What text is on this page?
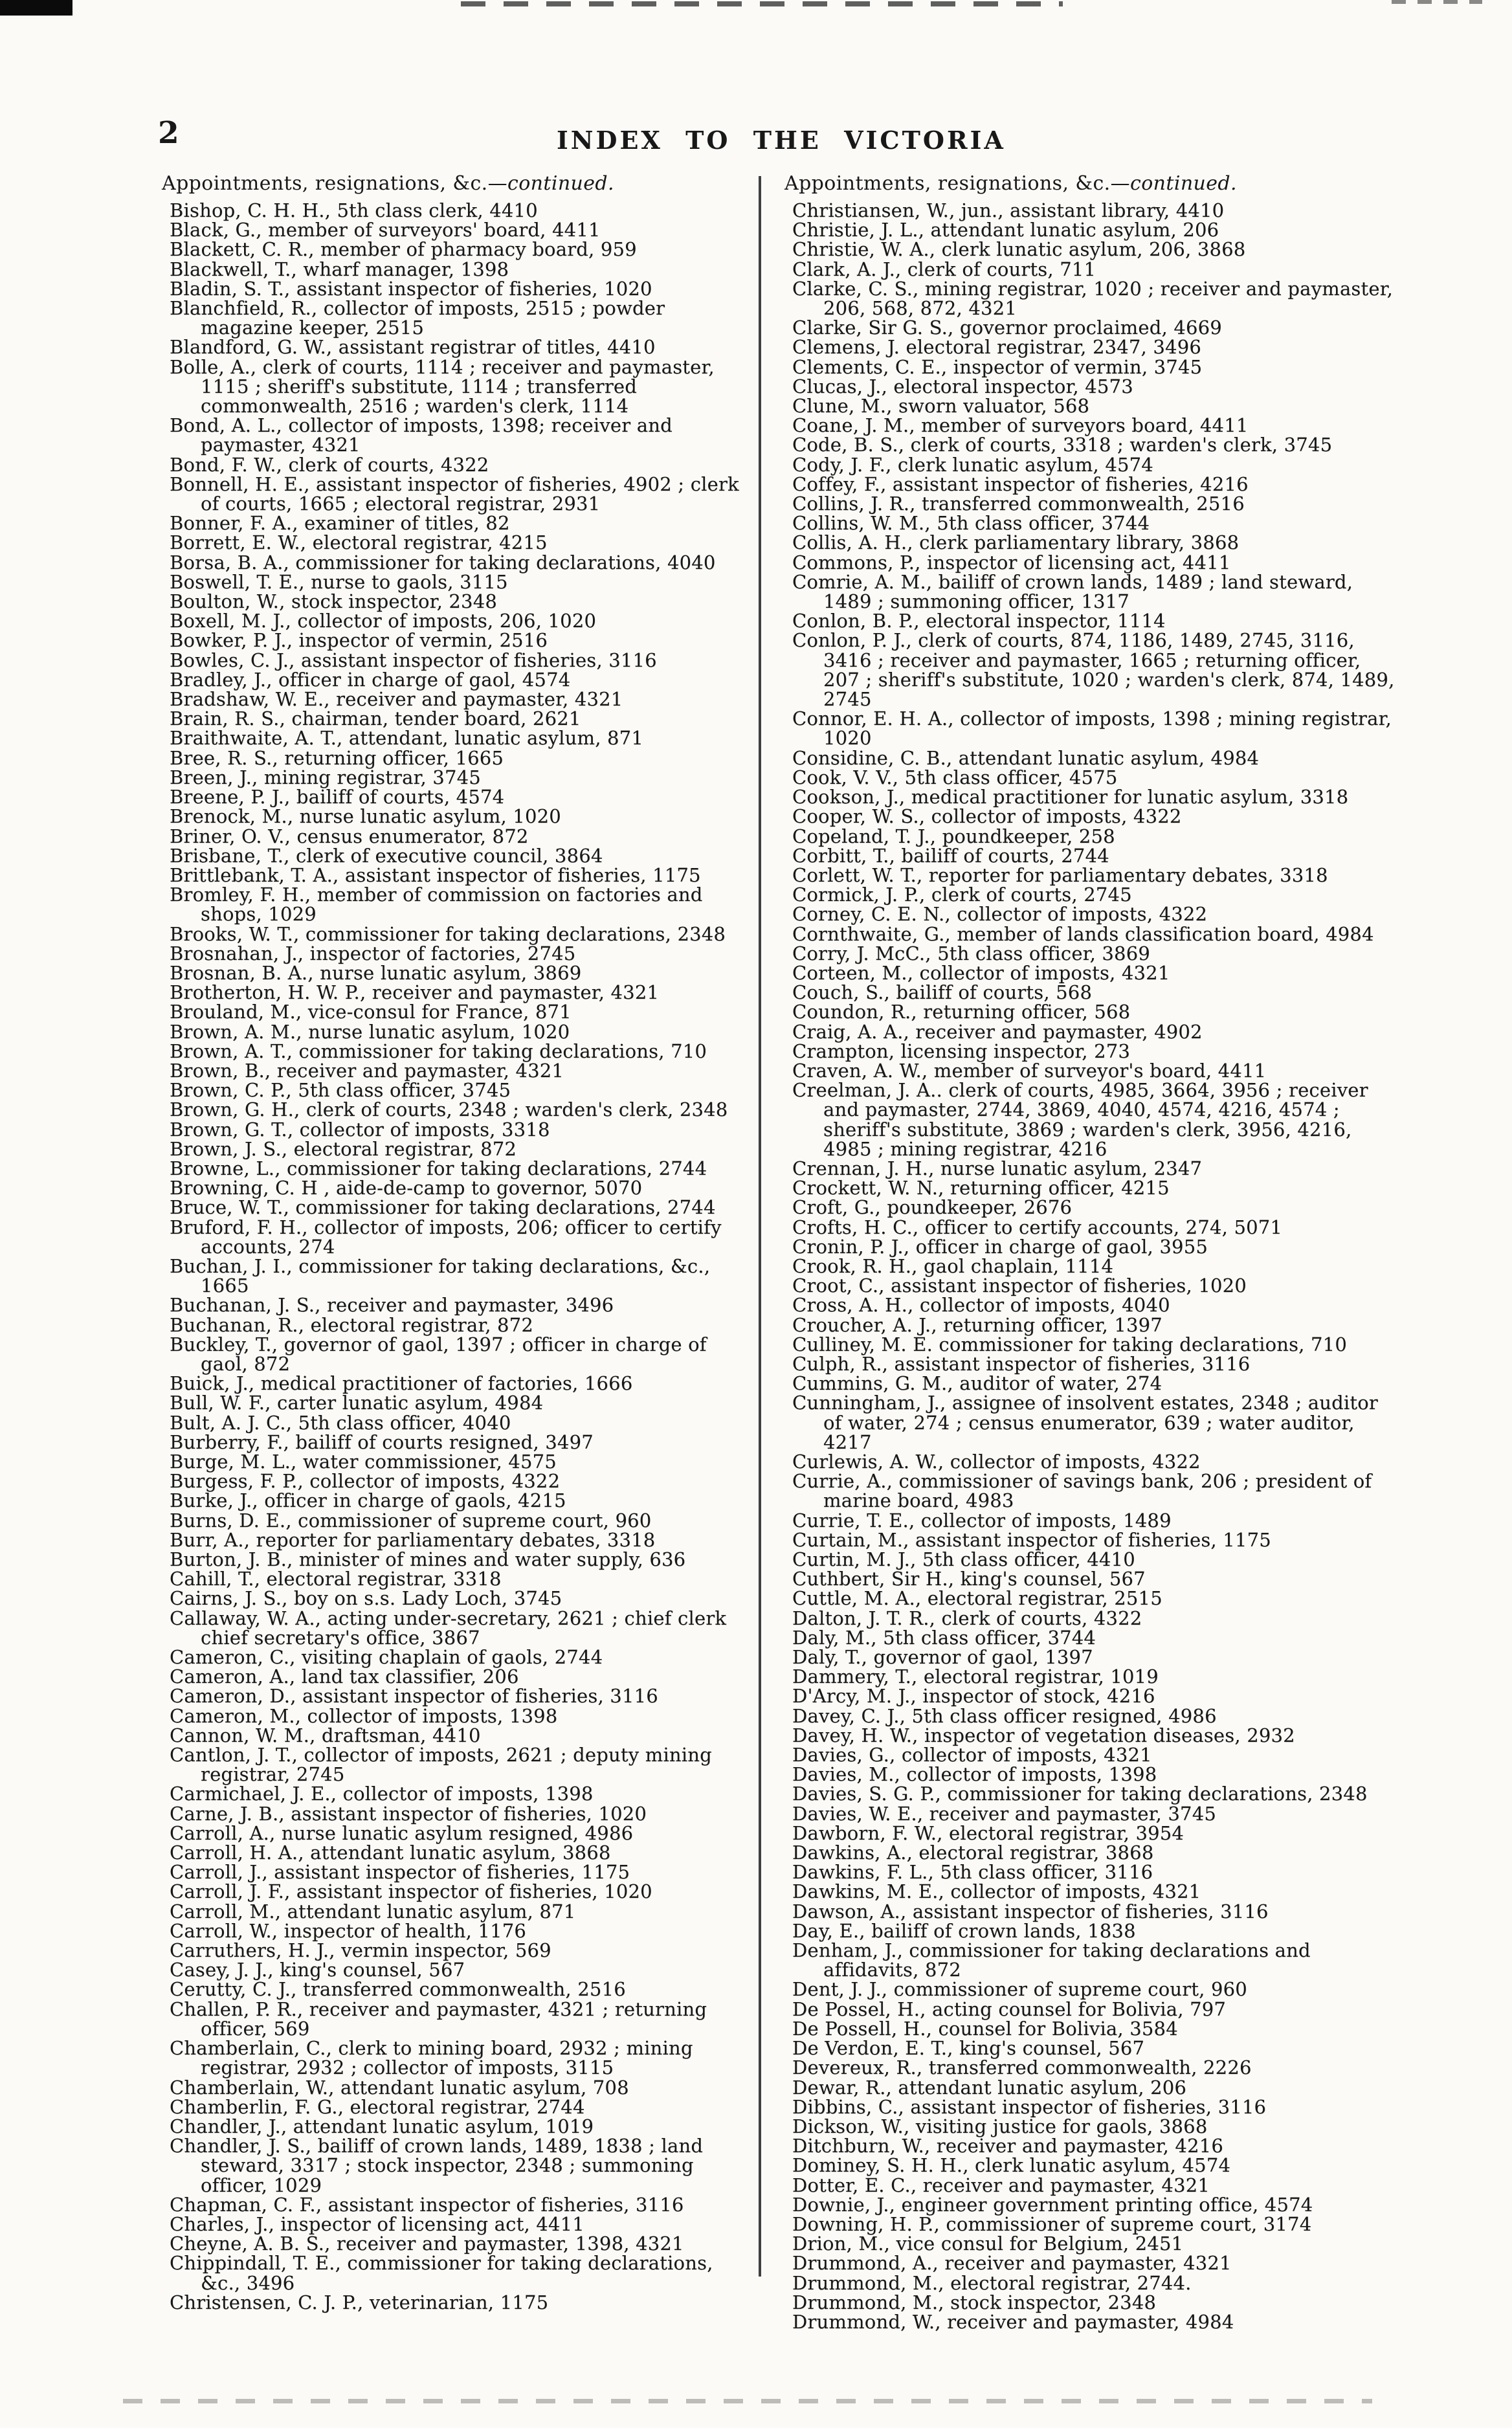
2	INDEX TO THE VICTORIA

Appointments, resignations, &c.—continued.

Bishop, C. H. H., 5th class clerk, 4410

Black, G., member of surveyors' board, 4411

Blackett, C. R., member of pharmacy board, 959

Blackwell, T., wharf manager, 1398

Bladin, S. T., assistant inspector of fisheries, 1020

Blanchfield, R., collector of imposts, 2515 ; powder magazine keeper, 2515

Blandford, G. W., assistant registrar of titles, 4410

Bolle, A., clerk of courts, 1114 ; receiver and paymaster, 1115 ; sheriff's substitute, 1114 ; transferred commonwealth, 2516 ; warden's clerk, 1114

Bond, A. L., collector of imposts, 1398; receiver and paymaster, 4321

Bond, F. W., clerk of courts, 4322

Bonnell, H. E., assistant inspector of fisheries, 4902 ; clerk of courts, 1665 ; electoral registrar, 2931

Bonner, F. A., examiner of titles, 82

Borrett, E. W., electoral registrar, 4215

Borsa, B. A., commissioner for taking declarations, 4040

Boswell, T. E., nurse to gaols, 3115

Boulton, W., stock inspector, 2348

Boxell, M. J., collector of imposts, 206, 1020

Bowker, P. J., inspector of vermin, 2516

Bowles, C. J., assistant inspector of fisheries, 3116

Bradley, J., officer in charge of gaol, 4574

Bradshaw, W. E., receiver and paymaster, 4321

Brain, R. S., chairman, tender board, 2621

Braithwaite, A. T., attendant, lunatic asylum, 871

Bree, R. S., returning officer, 1665

Breen, J., mining registrar, 3745

Breene, P. J., bailiff of courts, 4574

Brenock, M., nurse lunatic asylum, 1020

Briner, O. V., census enumerator, 872

Brisbane, T., clerk of executive council, 3864

Brittlebank, T. A., assistant inspector of fisheries, 1175

Bromley, F. H., member of commission on factories and shops, 1029

Brooks, W. T., commissioner for taking declarations, 2348

Brosnahan, J., inspector of factories, 2745

Brosnan, B. A., nurse lunatic asylum, 3869

Brotherton, H. W. P., receiver and paymaster, 4321

Brouland, M., vice-consul for France, 871

Brown, A. M., nurse lunatic asylum, 1020

Brown, A. T., commissioner for taking declarations, 710

Brown, B., receiver and paymaster, 4321

Brown, C. P., 5th class officer, 3745

Brown, G. H., clerk of courts, 2348 ; warden's clerk, 2348

Brown, G. T., collector of imposts, 3318

Brown, J. S., electoral registrar, 872

Browne, L., commissioner for taking declarations, 2744

Browning, C. H , aide-de-camp to governor, 5070

Bruce, W. T., commissioner for taking declarations, 2744

Bruford, F. H., collector of imposts, 206; officer to certify accounts, 274

Buchan, J. I., commissioner for taking declarations, &c., 1665

Buchanan, J. S., receiver and paymaster, 3496

Buchanan, R., electoral registrar, 872

Buckley, T., governor of gaol, 1397 ; officer in charge of gaol, 872

Buick, J., medical practitioner of factories, 1666

Bull, W. F., carter lunatic asylum, 4984

Bult, A. J. C., 5th class officer, 4040

Burberry, F., bailiff of courts resigned, 3497

Burge, M. L., water commissioner, 4575

Burgess, F. P., collector of imposts, 4322

Burke, J., officer in charge of gaols, 4215

Burns, D. E., commissioner of supreme court, 960

Burr, A., reporter for parliamentary debates, 3318

Burton, J. B., minister of mines and water supply, 636

Cahill, T., electoral registrar, 3318

Cairns, J. S., boy on s.s. Lady Loch, 3745

Callaway, W. A., acting under-secretary, 2621 ; chief clerk chief secretary's office, 3867

Cameron, C., visiting chaplain of gaols, 2744

Cameron, A., land tax classifier, 206

Cameron, D., assistant inspector of fisheries, 3116

Cameron, M., collector of imposts, 1398

Cannon, W. M., draftsman, 4410

Cantlon, J. T., collector of imposts, 2621 ; deputy mining registrar, 2745

Carmichael, J. E., collector of imposts, 1398

Carne, J. B., assistant inspector of fisheries, 1020

Carroll, A., nurse lunatic asylum resigned, 4986

Carroll, H. A., attendant lunatic asylum, 3868

Carroll, J., assistant inspector of fisheries, 1175

Carroll, J. F., assistant inspector of fisheries, 1020

Carroll, M., attendant lunatic asylum, 871

Carroll, W., inspector of health, 1176

Carruthers, H. J., vermin inspector, 569

Casey, J. J., king's counsel, 567

Cerutty, C. J., transferred commonwealth, 2516

Challen, P. R., receiver and paymaster, 4321 ; returning officer, 569

Chamberlain, C., clerk to mining board, 2932 ; mining registrar, 2932 ; collector of imposts, 3115

Chamberlain, W., attendant lunatic asylum, 708

Chamberlin, F. G., electoral registrar, 2744

Chandler, J., attendant lunatic asylum, 1019

Chandler, J. S., bailiff of crown lands, 1489, 1838 ; land steward, 3317 ; stock inspector, 2348 ; summoning officer, 1029

Chapman, C. F., assistant inspector of fisheries, 3116

Charles, J., inspector of licensing act, 4411

Cheyne, A. B. S., receiver and paymaster, 1398, 4321

Chippindall, T. E., commissioner for taking declarations, &c., 3496

Christensen, C. J. P., veterinarian, 1175

Appointments, resignations, &c.—continued.

Christiansen, W., jun., assistant library, 4410

Christie, J. L., attendant lunatic asylum, 206

Christie, W. A., clerk lunatic asylum, 206, 3868

Clark, A. J., clerk of courts, 711

Clarke, C. S., mining registrar, 1020 ; receiver and paymaster, 206, 568, 872, 4321

Clarke, Sir G. S., governor proclaimed, 4669

Clemens, J. electoral registrar, 2347, 3496

Clements, C. E., inspector of vermin, 3745

Clucas, J., electoral inspector, 4573

Clune, M., sworn valuator, 568

Coane, J. M., member of surveyors board, 4411

Code, B. S., clerk of courts, 3318 ; warden's clerk, 3745

Cody, J. F., clerk lunatic asylum, 4574

Coffey, F., assistant inspector of fisheries, 4216

Collins, J. R., transferred commonwealth, 2516

Collins, W. M., 5th class officer, 3744

Collis, A. H., clerk parliamentary library, 3868

Commons, P., inspector of licensing act, 4411

Comrie, A. M., bailiff of crown lands, 1489 ; land steward, 1489 ; summoning officer, 1317

Conlon, B. P., electoral inspector, 1114

Conlon, P. J., clerk of courts, 874, 1186, 1489, 2745, 3116, 3416 ; receiver and paymaster, 1665 ; returning officer, 207 ; sheriff's substitute, 1020 ; warden's clerk, 874, 1489, 2745

Connor, E. H. A., collector of imposts, 1398 ; mining registrar, 1020

Considine, C. B., attendant lunatic asylum, 4984

Cook, V. V., 5th class officer, 4575

Cookson, J., medical practitioner for lunatic asylum, 3318

Cooper, W. S., collector of imposts, 4322

Copeland, T. J., poundkeeper, 258

Corbitt, T., bailiff of courts, 2744

Corlett, W. T., reporter for parliamentary debates, 3318

Cormick, J. P., clerk of courts, 2745

Corney, C. E. N., collector of imposts, 4322

Cornthwaite, G., member of lands classification board, 4984

Corry, J. McC., 5th class officer, 3869

Corteen, M., collector of imposts, 4321

Couch, S., bailiff of courts, 568

Coundon, R., returning officer, 568

Craig, A. A., receiver and paymaster, 4902

Crampton, licensing inspector, 273

Craven, A. W., member of surveyor's board, 4411

Creelman, J. A.. clerk of courts, 4985, 3664, 3956 ; receiver and paymaster, 2744, 3869, 4040, 4574, 4216, 4574 ; sheriff's substitute, 3869 ; warden's clerk, 3956, 4216, 4985 ; mining registrar, 4216

Crennan, J. H., nurse lunatic asylum, 2347

Crockett, W. N., returning officer, 4215

Croft, G., poundkeeper, 2676

Crofts, H. C., officer to certify accounts, 274, 5071

Cronin, P. J., officer in charge of gaol, 3955

Crook, R. H., gaol chaplain, 1114

Croot, C., assistant inspector of fisheries, 1020

Cross, A. H., collector of imposts, 4040

Croucher, A. J., returning officer, 1397

Culliney, M. E. commissioner for taking declarations, 710

Culph, R., assistant inspector of fisheries, 3116

Cummins, G. M., auditor of water, 274

Cunningham, J., assignee of insolvent estates, 2348 ; auditor of water, 274 ; census enumerator, 639 ; water auditor, 4217

Curlewis, A. W., collector of imposts, 4322

Currie, A., commissioner of savings bank, 206 ; president of marine board, 4983

Currie, T. E., collector of imposts, 1489

Curtain, M., assistant inspector of fisheries, 1175

Curtin, M. J., 5th class officer, 4410

Cuthbert, Sir H., king's counsel, 567

Cuttle, M. A., electoral registrar, 2515

Dalton, J. T. R., clerk of courts, 4322

Daly, M., 5th class officer, 3744

Daly, T., governor of gaol, 1397

Dammery, T., electoral registrar, 1019

D'Arcy, M. J., inspector of stock, 4216

Davey, C. J., 5th class officer resigned, 4986

Davey, H. W., inspector of vegetation diseases, 2932

Davies, G., collector of imposts, 4321

Davies, M., collector of imposts, 1398

Davies, S. G. P., commissioner for taking declarations, 2348

Davies, W. E., receiver and paymaster, 3745

Dawborn, F. W., electoral registrar, 3954

Dawkins, A., electoral registrar, 3868

Dawkins, F. L., 5th class officer, 3116

Dawkins, M. E., collector of imposts, 4321

Dawson, A., assistant inspector of fisheries, 3116

Day, E., bailiff of crown lands, 1838

Denham, J., commissioner for taking declarations and affidavits, 872

Dent, J. J., commissioner of supreme court, 960

De Possel, H., acting counsel for Bolivia, 797

De Possell, H., counsel for Bolivia, 3584

De Verdon, E. T., king's counsel, 567

Devereux, R., transferred commonwealth, 2226

Dewar, R., attendant lunatic asylum, 206

Dibbins, C., assistant inspector of fisheries, 3116

Dickson, W., visiting justice for gaols, 3868

Ditchburn, W., receiver and paymaster, 4216

Dominey, S. H. H., clerk lunatic asylum, 4574

Dotter, E. C., receiver and paymaster, 4321

Downie, J., engineer government printing office, 4574

Downing, H. P., commissioner of supreme court, 3174

Drion, M., vice consul for Belgium, 2451

Drummond, A., receiver and paymaster, 4321

Drummond, M., electoral registrar, 2744.

Drummond, M., stock inspector, 2348

Drummond, W., receiver and paymaster, 4984
